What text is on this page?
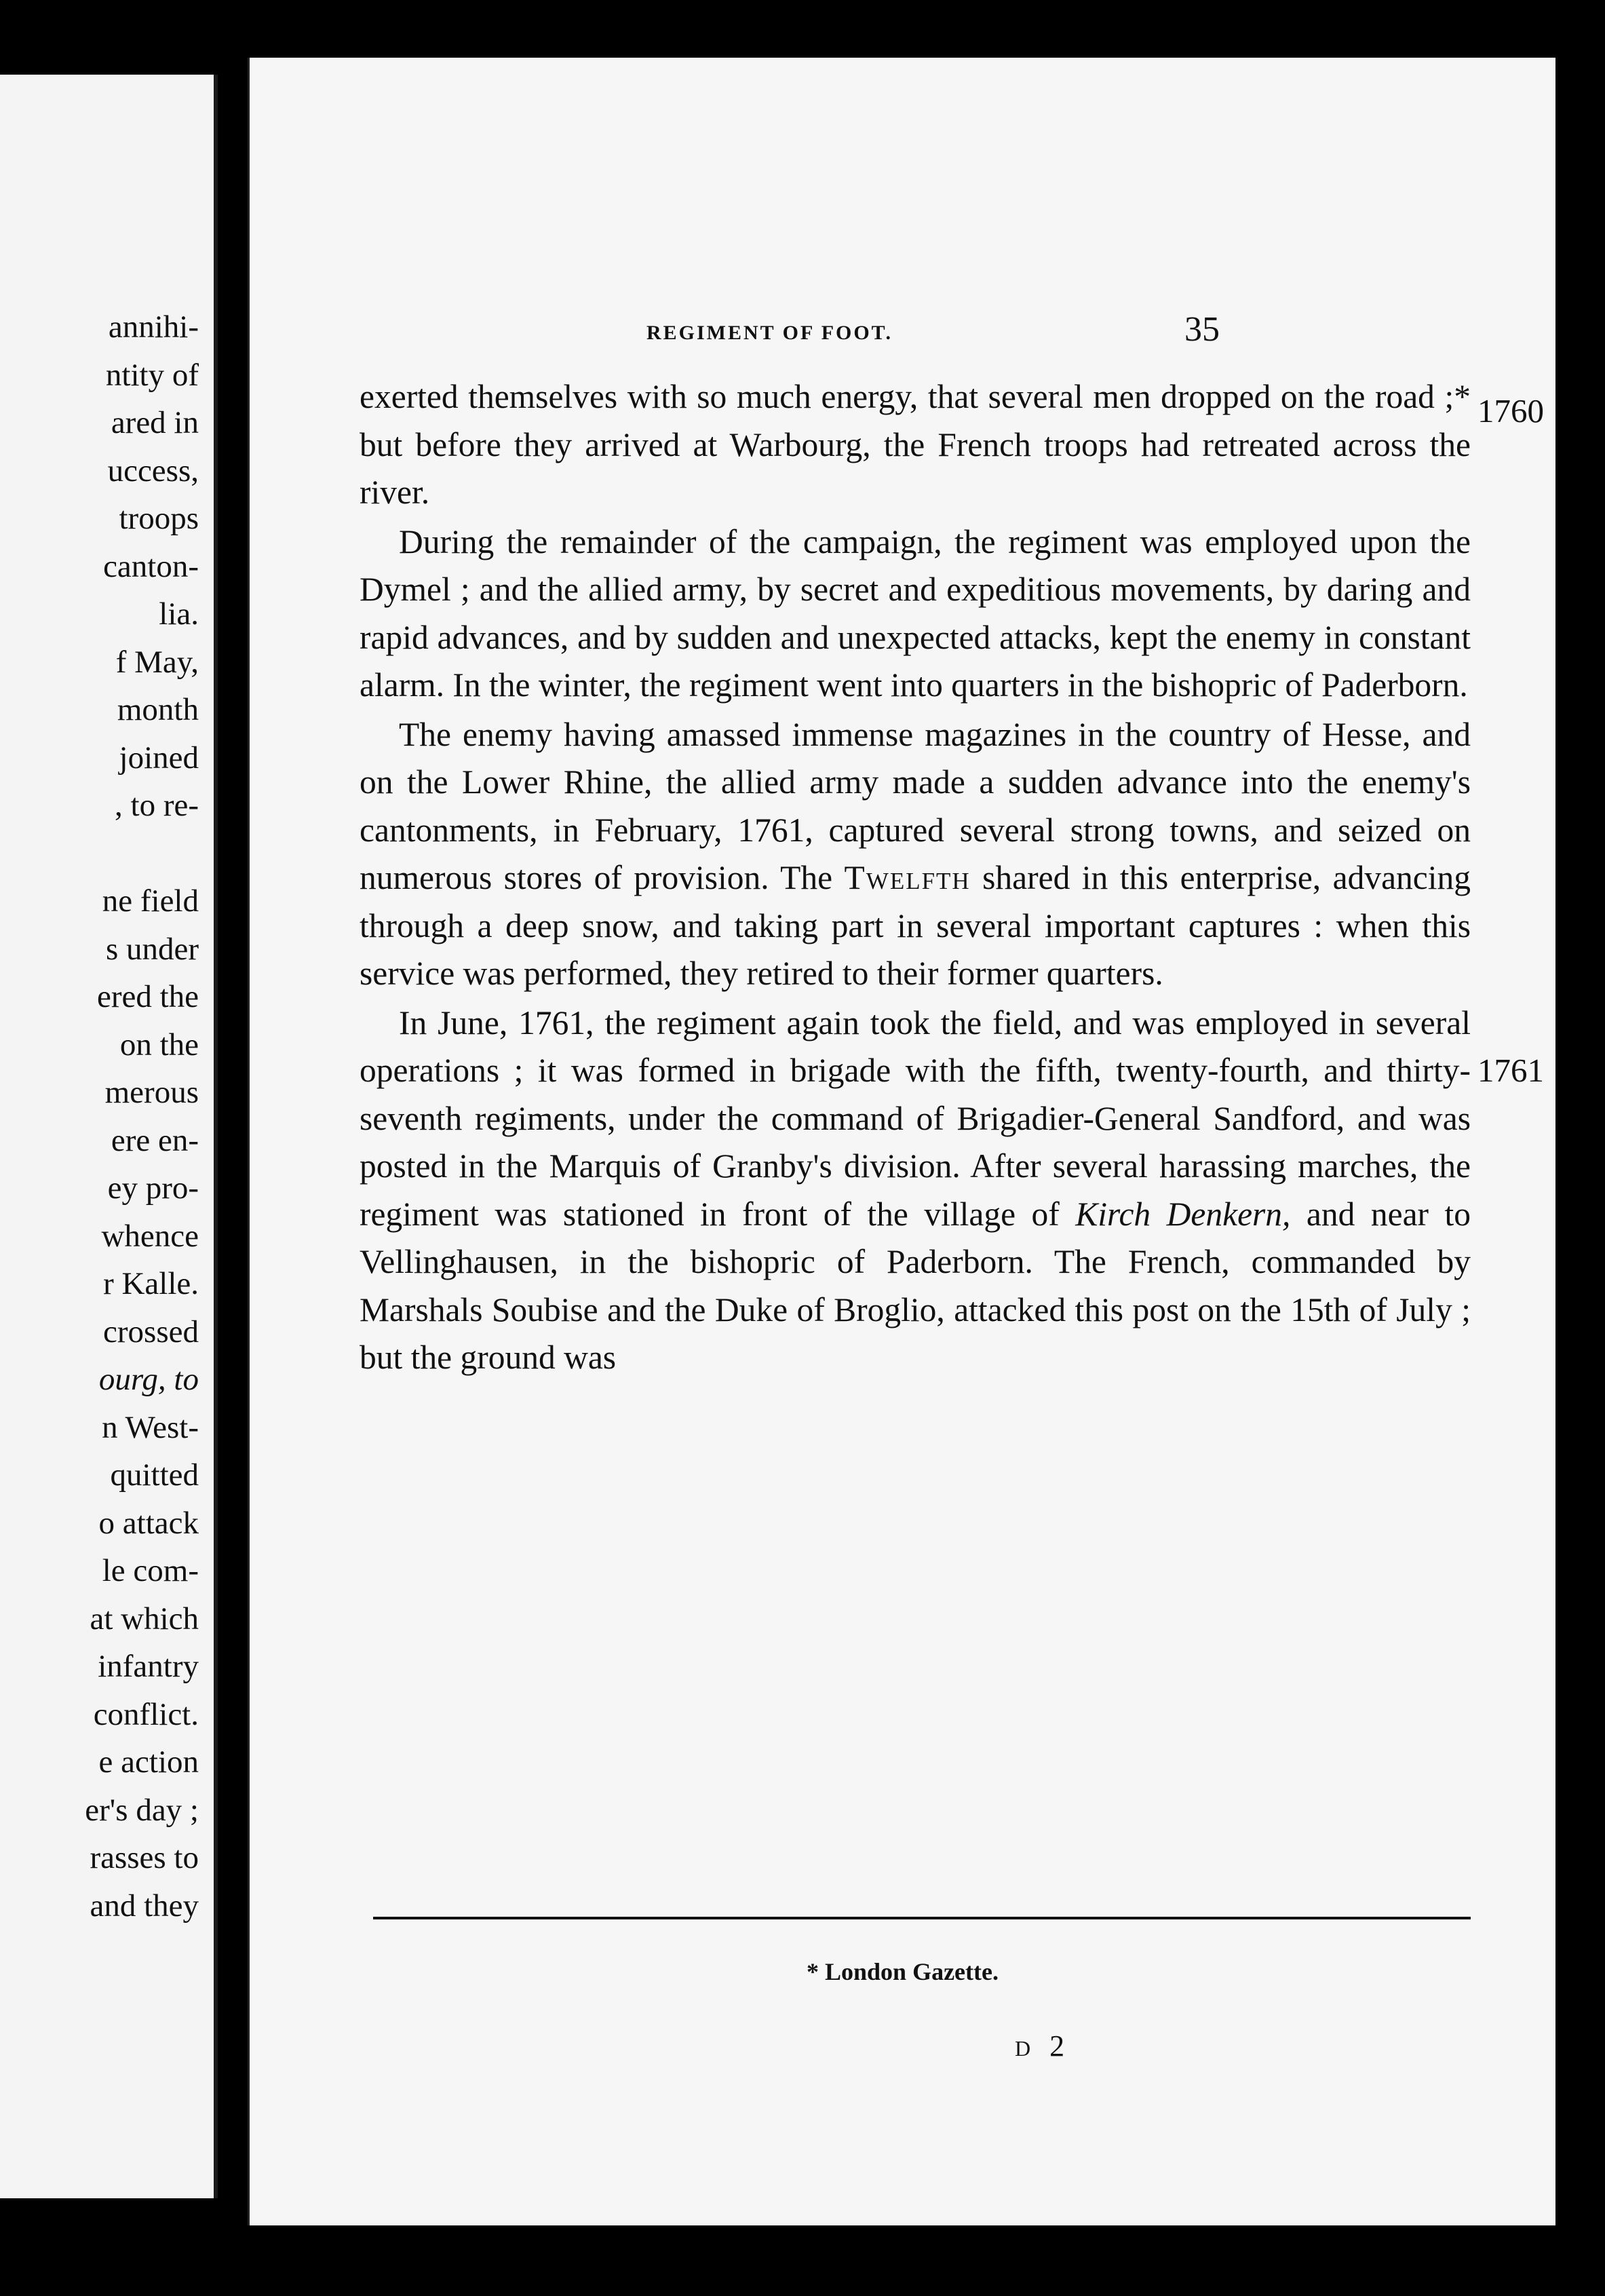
annihi-
ntity of
ared in
uccess,
troops
canton-
lia.
f May,
month
joined
, to re-
ne field
s under
ered the
on the
merous
ere en-
ey pro-
whence
r Kalle.
crossed
ourg, to
n West-
quitted
o attack
le com-
at which
infantry
conflict.
e action
er's day ;
rasses to
and they
REGIMENT OF FOOT.	35
1760
1761

exerted themselves with so much energy, that several men dropped on the road ;* but before they arrived at Warbourg, the French troops had retreated across the river.

During the remainder of the campaign, the regiment was employed upon the Dymel ; and the allied army, by secret and expeditious movements, by daring and rapid advances, and by sudden and unexpected attacks, kept the enemy in constant alarm. In the winter, the regiment went into quarters in the bishopric of Paderborn.

The enemy having amassed immense magazines in the country of Hesse, and on the Lower Rhine, the allied army made a sudden advance into the enemy's cantonments, in February, 1761, captured several strong towns, and seized on numerous stores of provision. The Twelfth shared in this enterprise, advancing through a deep snow, and taking part in several important captures : when this service was performed, they retired to their former quarters.

In June, 1761, the regiment again took the field, and was employed in several operations ; it was formed in brigade with the fifth, twenty-fourth, and thirty-seventh regiments, under the command of Brigadier-General Sandford, and was posted in the Marquis of Granby's division. After several harassing marches, the regiment was stationed in front of the village of Kirch Denkern, and near to Vellinghausen, in the bishopric of Paderborn. The French, commanded by Marshals Soubise and the Duke of Broglio, attacked this post on the 15th of July ; but the ground was

* London Gazette.
D 2
